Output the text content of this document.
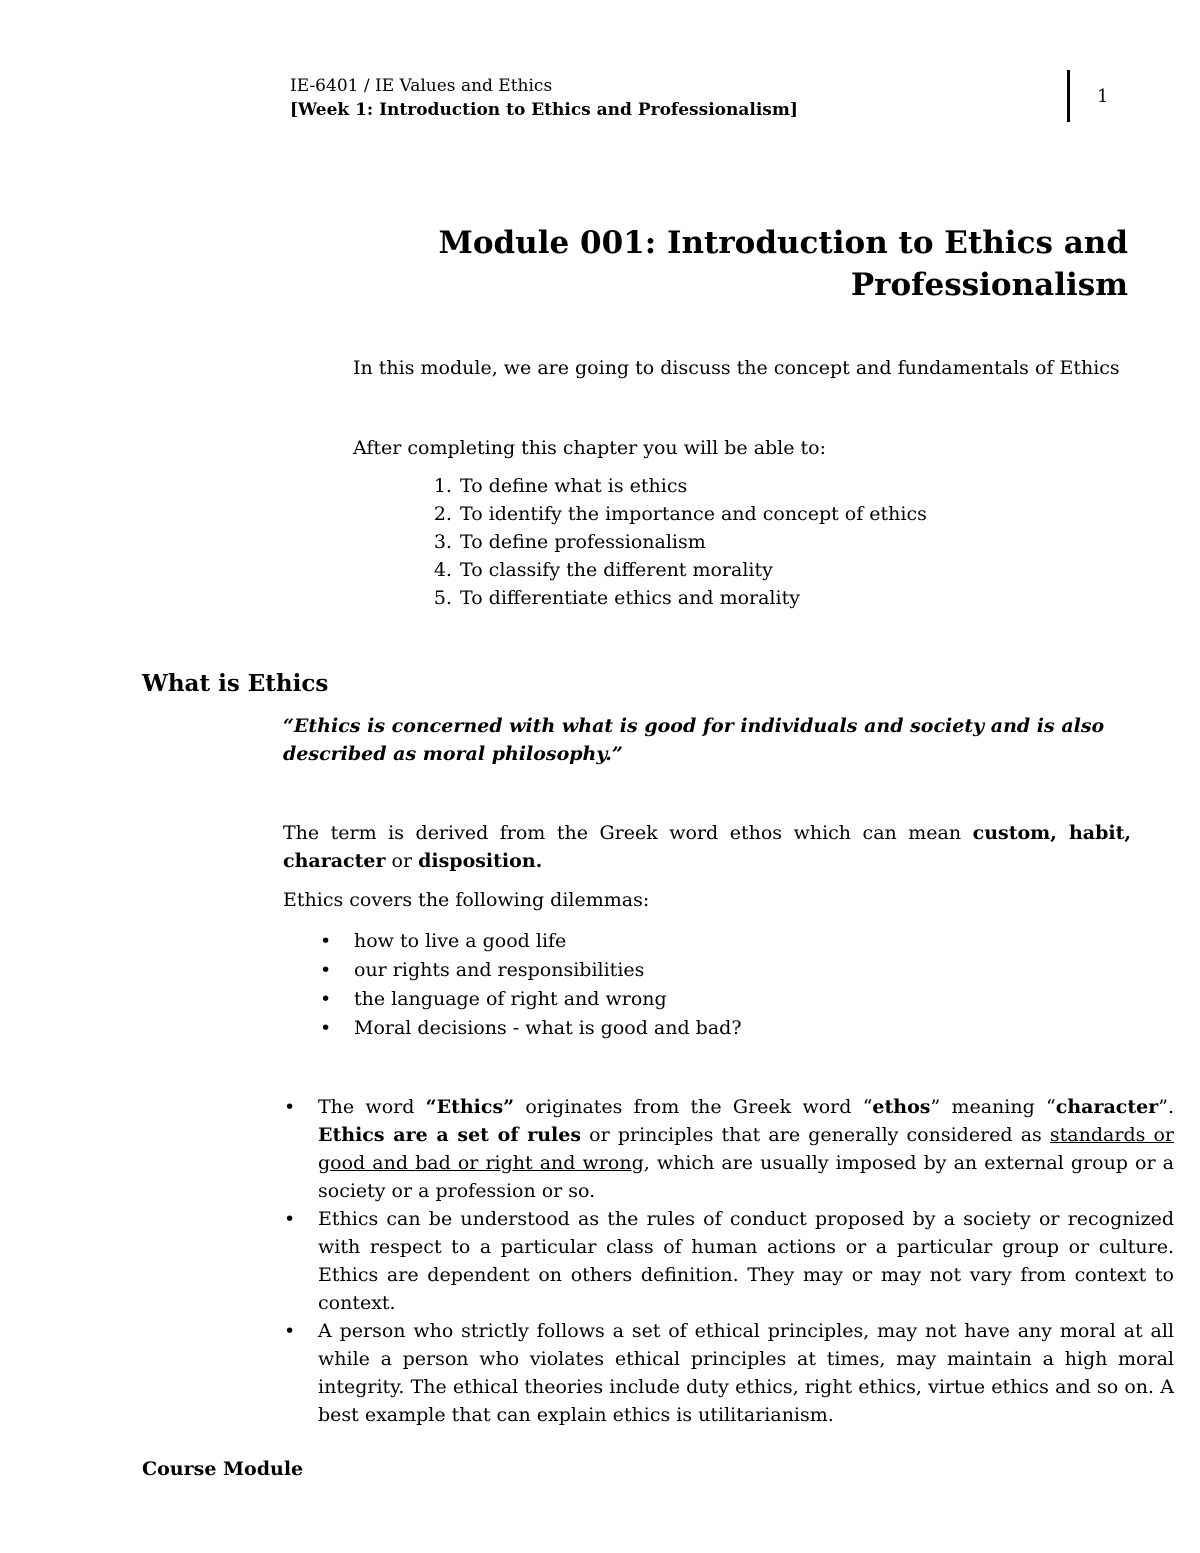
IE-6401 / IE Values and Ethics
[Week 1: Introduction to Ethics and Professionalism]
1
Module 001: Introduction to Ethics and
Professionalism
In this module, we are going to discuss the concept and fundamentals of Ethics
After completing this chapter you will be able to:
1. To define what is ethics
2. To identify the importance and concept of ethics
3. To define professionalism
4. To classify the different morality
5. To differentiate ethics and morality
What is Ethics
“Ethics is concerned with what is good for individuals and society and is also described as moral philosophy.”
The term is derived from the Greek word ethos which can mean custom, habit, character or disposition.
Ethics covers the following dilemmas:
• how to live a good life
• our rights and responsibilities
• the language of right and wrong
• Moral decisions - what is good and bad?
• The word “Ethics” originates from the Greek word “ethos” meaning “character”. Ethics are a set of rules or principles that are generally considered as standards or good and bad or right and wrong, which are usually imposed by an external group or a society or a profession or so.
• Ethics can be understood as the rules of conduct proposed by a society or recognized with respect to a particular class of human actions or a particular group or culture. Ethics are dependent on others definition. They may or may not vary from context to context.
• A person who strictly follows a set of ethical principles, may not have any moral at all while a person who violates ethical principles at times, may maintain a high moral integrity. The ethical theories include duty ethics, right ethics, virtue ethics and so on. A best example that can explain ethics is utilitarianism.
Course Module
